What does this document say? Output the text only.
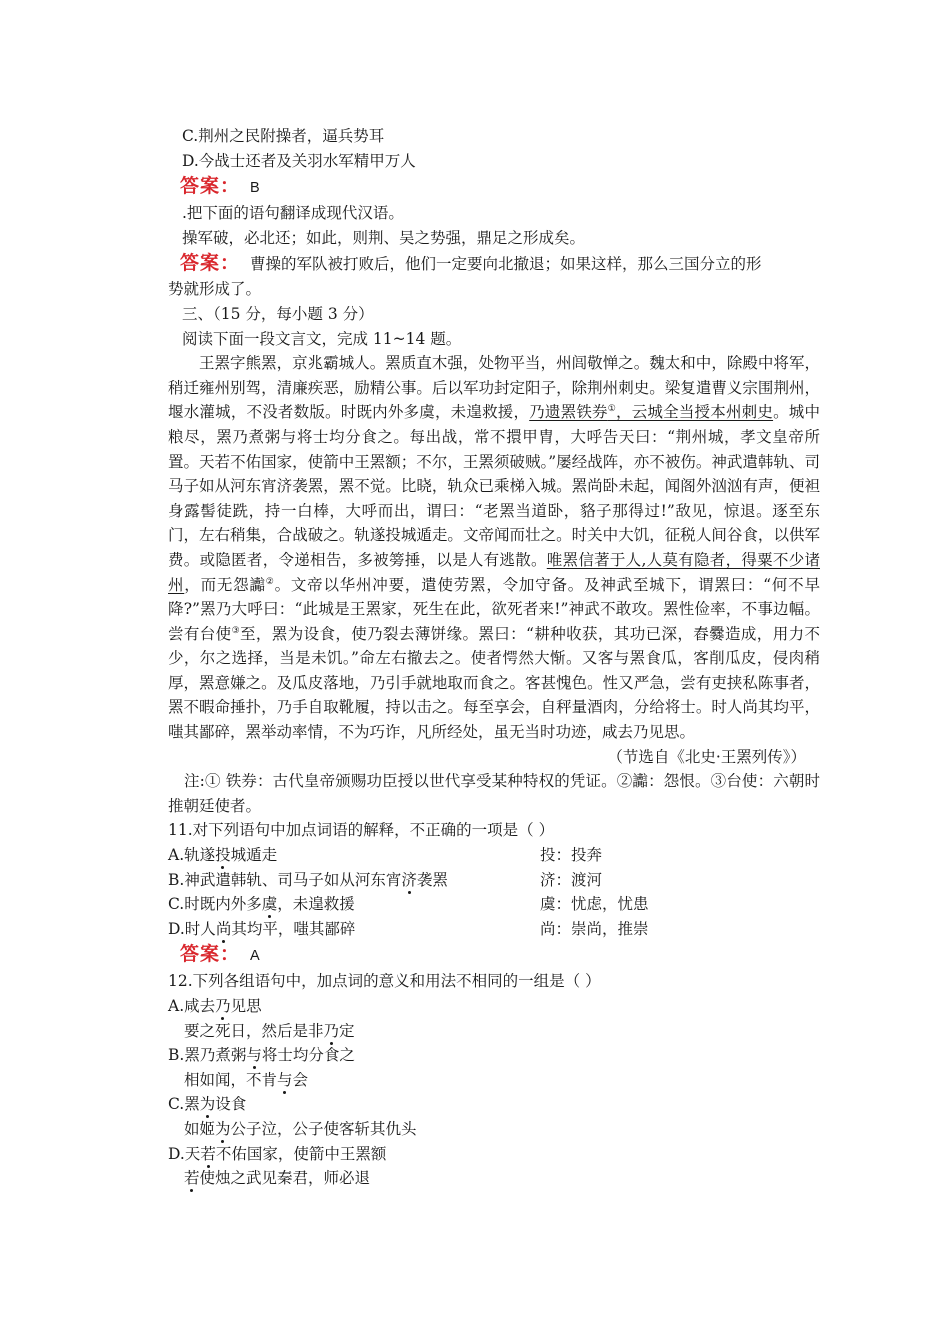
C.荆州之民附操者，逼兵势耳
D.今战士还者及关羽水军精甲万人
答案： B
.把下面的语句翻译成现代汉语。
操军破，必北还；如此，则荆、吴之势强，鼎足之形成矣。
答案： 曹操的军队被打败后，他们一定要向北撤退；如果这样，那么三国分立的形
势就形成了。
三、（15 分，每小题 3 分）
阅读下面一段文言文，完成 11~14 题。

王罴字熊罴，京兆霸城人。罴质直木强，处物平当，州闾敬惮之。魏太和中，除殿中将军，稍迁雍州别驾，清廉疾恶，励精公事。后以军功封定阳子，除荆州刺史。梁复遣曹义宗围荆州，堰水灌城，不没者数版。时既内外多虞，未遑救援，乃遗罴铁券①，云城全当授本州刺史。城中粮尽，罴乃煮粥与将士均分食之。每出战，常不擐甲胄，大呼告天曰：“荆州城，孝文皇帝所置。天若不佑国家，使箭中王罴额；不尔，王罴须破贼。”屡经战阵，亦不被伤。神武遣韩轨、司马子如从河东宵济袭罴，罴不觉。比晓，轨众已乘梯入城。罴尚卧未起，闻阁外汹汹有声，便袒身露髻徒跣，持一白棒，大呼而出，谓曰：“老罴当道卧，貉子那得过!”敌见，惊退。逐至东门，左右稍集，合战破之。轨遂投城遁走。文帝闻而壮之。时关中大饥，征税人间谷食，以供军费。或隐匿者，令递相告，多被篣捶，以是人有逃散。唯罴信著于人,人莫有隐者，得粟不少诸州，而无怨讟②。文帝以华州冲要，遣使劳罴，令加守备。及神武至城下，谓罴曰：“何不早降?”罴乃大呼曰：“此城是王罴家，死生在此，欲死者来!”神武不敢攻。罴性俭率，不事边幅。尝有台使③至，罴为设食，使乃裂去薄饼缘。罴曰：“耕种收获，其功已深，舂爨造成，用力不少，尔之选择，当是未饥。”命左右撤去之。使者愕然大惭。又客与罴食瓜，客削瓜皮，侵肉稍厚，罴意嫌之。及瓜皮落地，乃引手就地取而食之。客甚愧色。性又严急，尝有吏挟私陈事者，罴不暇命捶扑，乃手自取靴履，持以击之。每至享会，自秤量酒肉，分给将士。时人尚其均平，嗤其鄙碎，罴举动率情，不为巧诈，凡所经处，虽无当时功迹，咸去乃见思。

（节选自《北史·王罴列传》）
注:① 铁券：古代皇帝颁赐功臣授以世代享受某种特权的凭证。②讟：怨恨。③台使：六朝时推朝廷使者。
11.对下列语句中加点词语的解释，不正确的一项是（ ）
A.轨遂投城遁走	投：投奔
B.神武遣韩轨、司马子如从河东宵济袭罴	济：渡河
C.时既内外多虞，未遑救援	虞：忧虑，忧患
D.时人尚其均平，嗤其鄙碎	尚：崇尚，推崇
答案： A
12.下列各组语句中，加点词的意义和用法不相同的一组是（ ）
A.咸去乃见思
要之死日，然后是非乃定
B.罴乃煮粥与将士均分食之
相如闻，不肯与会
C.罴为设食
如姬为公子泣，公子使客斩其仇头
D.天若不佑国家，使箭中王罴额
若使烛之武见秦君，师必退
